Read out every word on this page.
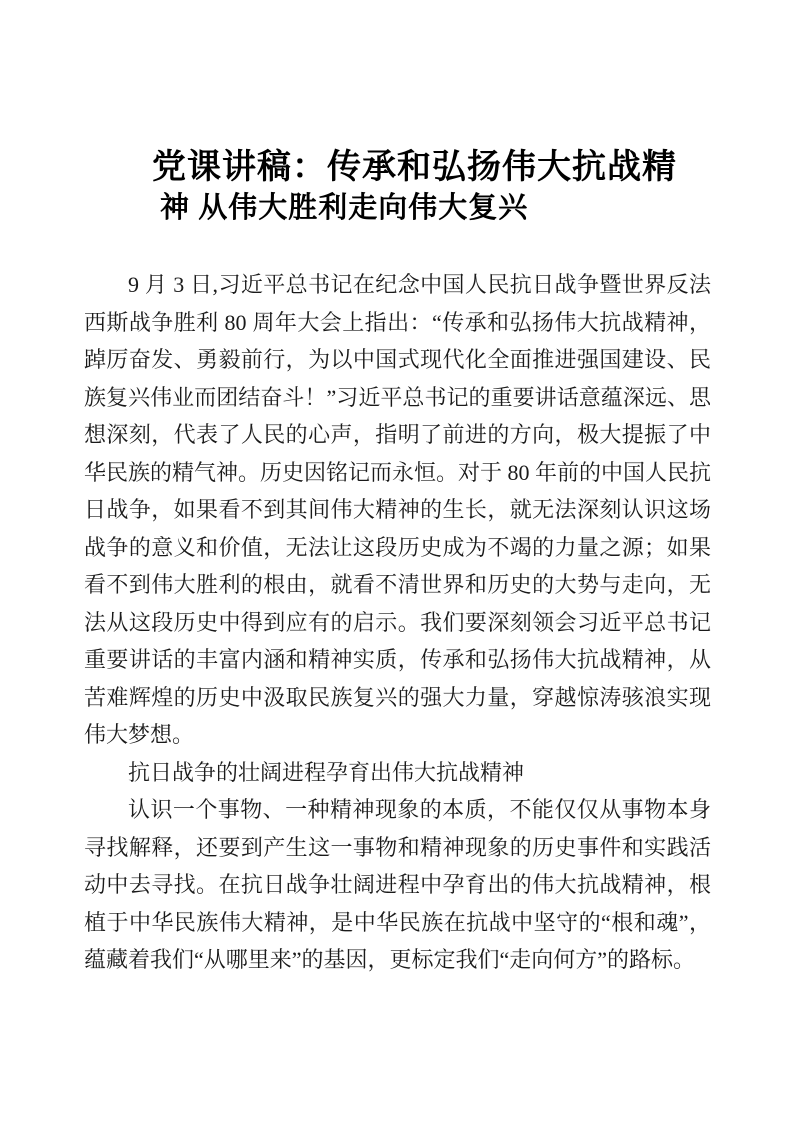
党课讲稿：传承和弘扬伟大抗战精
神 从伟大胜利走向伟大复兴

9 月 3 日,习近平总书记在纪念中国人民抗日战争暨世界反法西斯战争胜利 80 周年大会上指出：“传承和弘扬伟大抗战精神，踔厉奋发、勇毅前行，为以中国式现代化全面推进强国建设、民族复兴伟业而团结奋斗！”习近平总书记的重要讲话意蕴深远、思想深刻，代表了人民的心声，指明了前进的方向，极大提振了中华民族的精气神。历史因铭记而永恒。对于 80 年前的中国人民抗日战争，如果看不到其间伟大精神的生长，就无法深刻认识这场战争的意义和价值，无法让这段历史成为不竭的力量之源；如果看不到伟大胜利的根由，就看不清世界和历史的大势与走向，无法从这段历史中得到应有的启示。我们要深刻领会习近平总书记重要讲话的丰富内涵和精神实质，传承和弘扬伟大抗战精神，从苦难辉煌的历史中汲取民族复兴的强大力量，穿越惊涛骇浪实现伟大梦想。

抗日战争的壮阔进程孕育出伟大抗战精神

认识一个事物、一种精神现象的本质，不能仅仅从事物本身寻找解释，还要到产生这一事物和精神现象的历史事件和实践活动中去寻找。在抗日战争壮阔进程中孕育出的伟大抗战精神，根植于中华民族伟大精神，是中华民族在抗战中坚守的“根和魂”，蕴藏着我们“从哪里来”的基因，更标定我们“走向何方”的路标。
